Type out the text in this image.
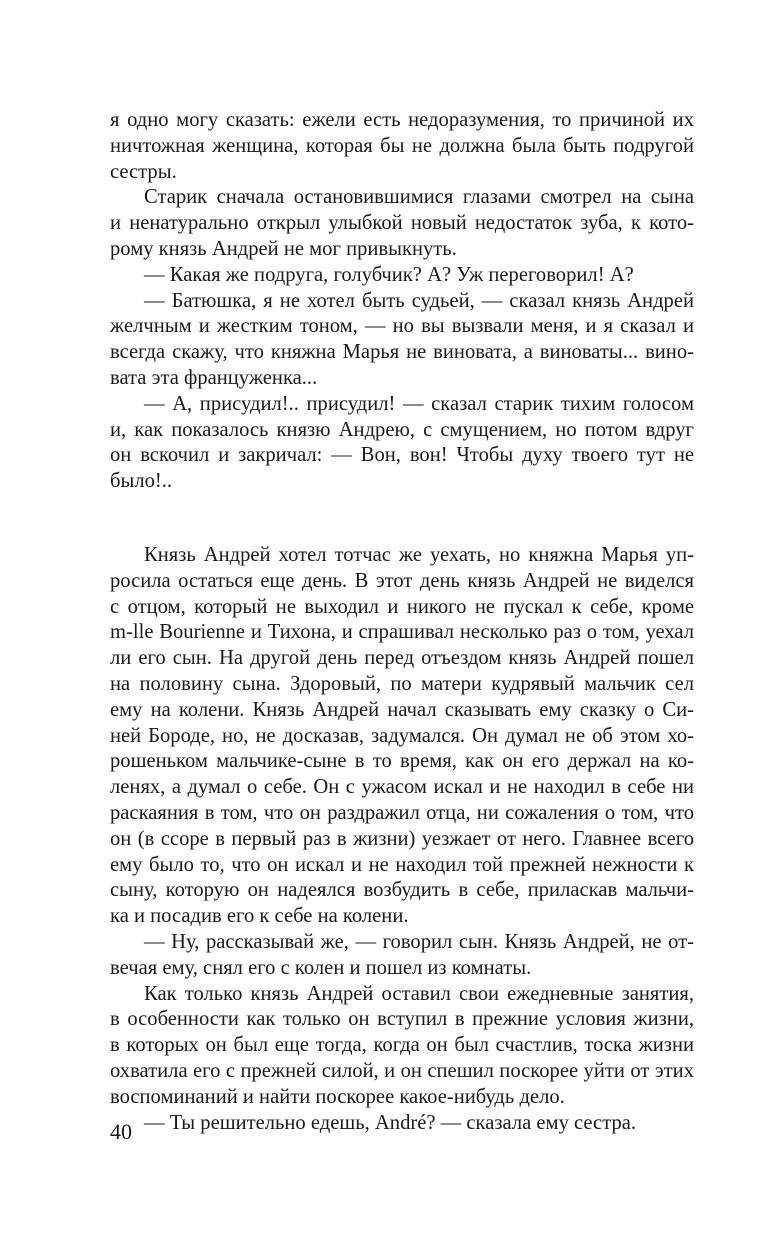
я одно могу сказать: ежели есть недоразумения, то причиной их
ничтожная женщина, которая бы не должна была быть подругой
сестры.
Старик сначала остановившимися глазами смотрел на сына
и ненатурально открыл улыбкой новый недостаток зуба, к кото-
рому князь Андрей не мог привыкнуть.
— Какая же подруга, голубчик? А? Уж переговорил! А?
— Батюшка, я не хотел быть судьей, — сказал князь Андрей
желчным и жестким тоном, — но вы вызвали меня, и я сказал и
всегда скажу, что княжна Марья не виновата, а виноваты... вино-
вата эта француженка...
— А, присудил!.. присудил! — сказал старик тихим голосом
и, как показалось князю Андрею, с смущением, но потом вдруг
он вскочил и закричал: — Вон, вон! Чтобы духу твоего тут не
было!..
Князь Андрей хотел тотчас же уехать, но княжна Марья уп-
росила остаться еще день. В этот день князь Андрей не виделся
с отцом, который не выходил и никого не пускал к себе, кроме
m-lle Bourienne и Тихона, и спрашивал несколько раз о том, уехал
ли его сын. На другой день перед отъездом князь Андрей пошел
на половину сына. Здоровый, по матери кудрявый мальчик сел
ему на колени. Князь Андрей начал сказывать ему сказку о Си-
ней Бороде, но, не досказав, задумался. Он думал не об этом хо-
рошеньком мальчике-сыне в то время, как он его держал на ко-
ленях, а думал о себе. Он с ужасом искал и не находил в себе ни
раскаяния в том, что он раздражил отца, ни сожаления о том, что
он (в ссоре в первый раз в жизни) уезжает от него. Главнее всего
ему было то, что он искал и не находил той прежней нежности к
сыну, которую он надеялся возбудить в себе, приласкав мальчи-
ка и посадив его к себе на колени.
— Ну, рассказывай же, — говорил сын. Князь Андрей, не от-
вечая ему, снял его с колен и пошел из комнаты.
Как только князь Андрей оставил свои ежедневные занятия,
в особенности как только он вступил в прежние условия жизни,
в которых он был еще тогда, когда он был счастлив, тоска жизни
охватила его с прежней силой, и он спешил поскорее уйти от этих
воспоминаний и найти поскорее какое-нибудь дело.
— Ты решительно едешь, André? — сказала ему сестра.
40
